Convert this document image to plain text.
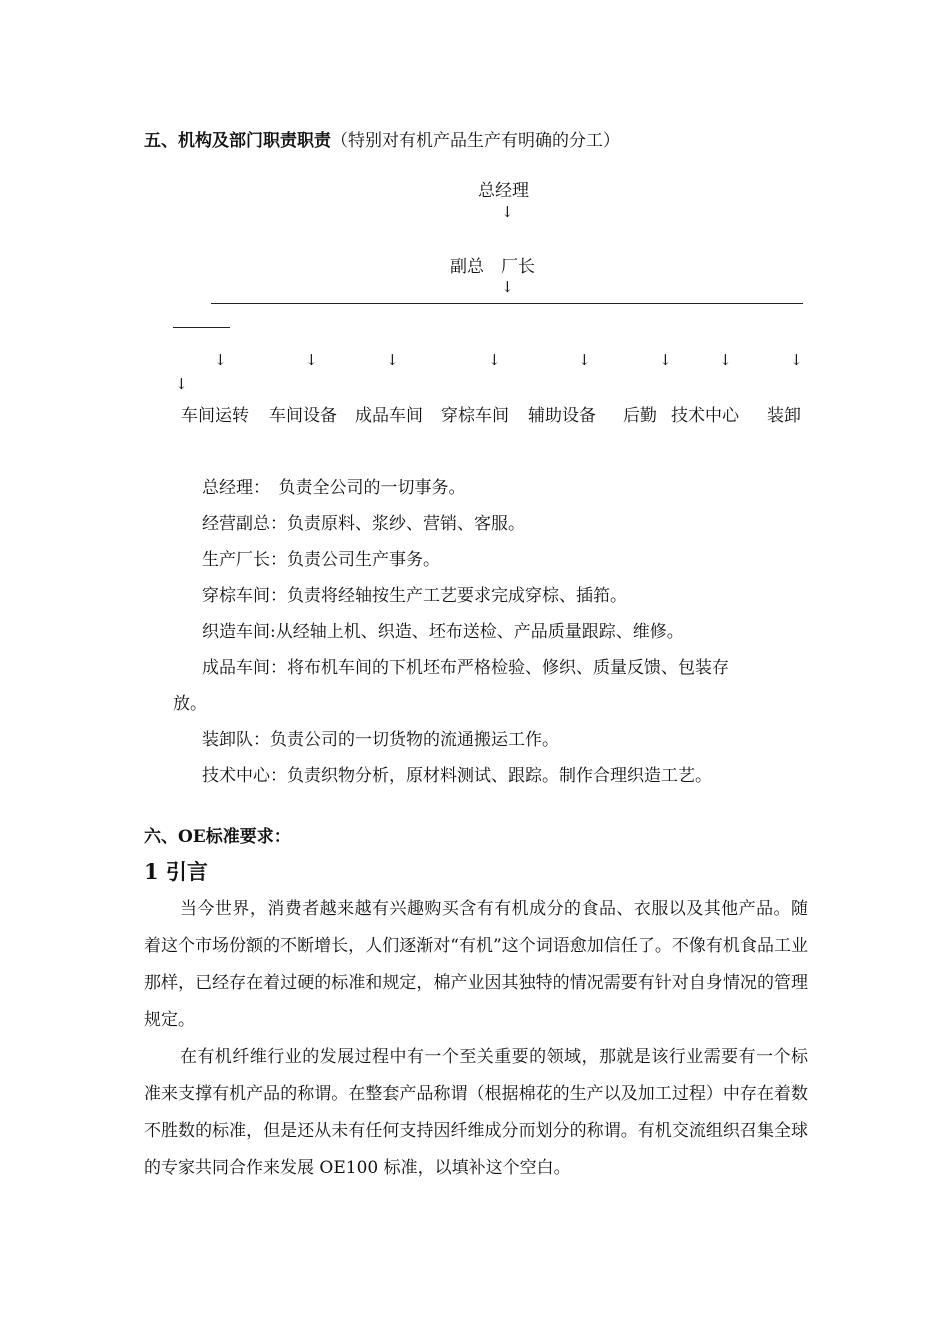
五、机构及部门职责职责（特别对有机产品生产有明确的分工）
总经理
↓
副总　厂长
↓
↓	↓	↓	↓	↓	↓	↓	↓
↓
车间运转 车间设备 成品车间 穿棕车间 辅助设备 后勤 技术中心 装卸
总经理：　负责全公司的一切事务。
经营副总：负责原料、浆纱、营销、客服。
生产厂长：负责公司生产事务。
穿棕车间：负责将经轴按生产工艺要求完成穿棕、插筘。
织造车间:从经轴上机、织造、坯布送检、产品质量跟踪、维修。
成品车间：将布机车间的下机坯布严格检验、修织、质量反馈、包装存
放。
装卸队：负责公司的一切货物的流通搬运工作。
技术中心：负责织物分析，原材料测试、跟踪。制作合理织造工艺。
六、OE标准要求：
1 引言
当今世界，消费者越来越有兴趣购买含有有机成分的食品、衣服以及其他产品。随着这个市场份额的不断增长，人们逐渐对“有机”这个词语愈加信任了。不像有机食品工业那样，已经存在着过硬的标准和规定，棉产业因其独特的情况需要有针对自身情况的管理规定。
在有机纤维行业的发展过程中有一个至关重要的领域，那就是该行业需要有一个标准来支撑有机产品的称谓。在整套产品称谓（根据棉花的生产以及加工过程）中存在着数不胜数的标准，但是还从未有任何支持因纤维成分而划分的称谓。有机交流组织召集全球的专家共同合作来发展 OE100 标准，以填补这个空白。
